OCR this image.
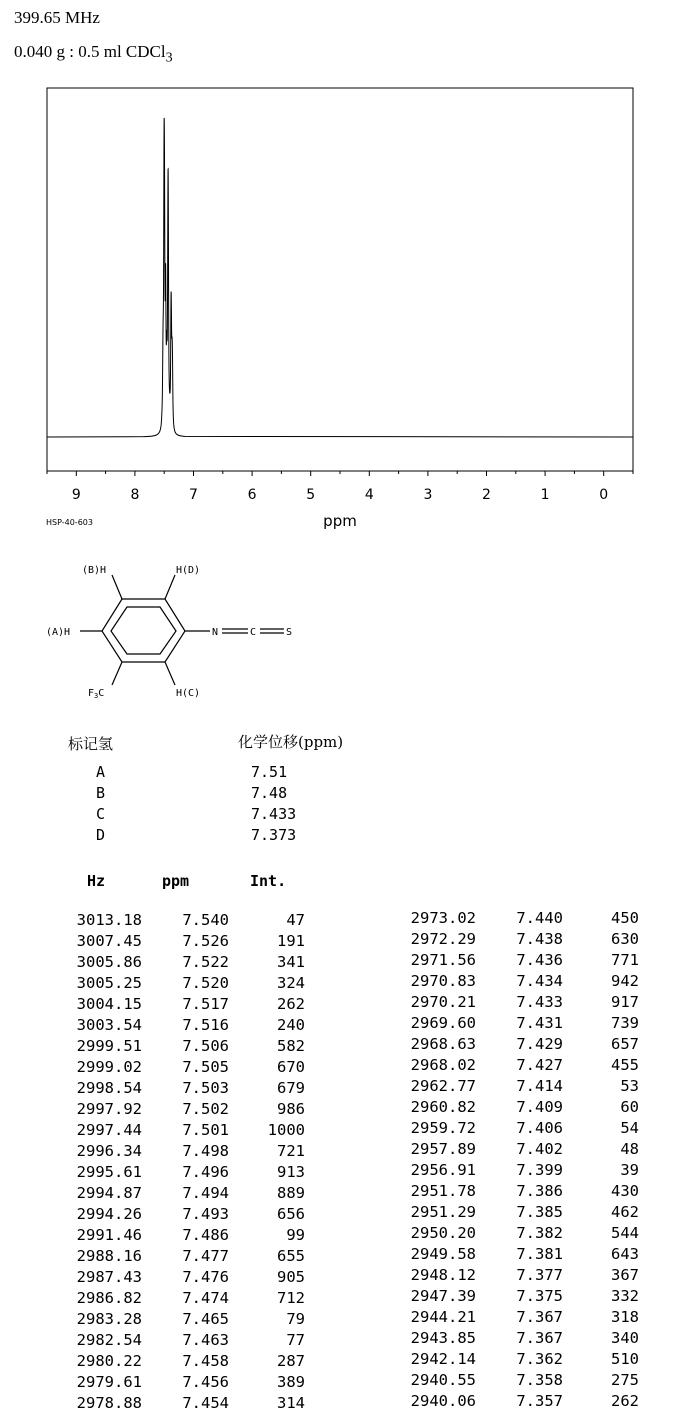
399.65 MHz
0.040 g : 0.5 ml CDCl$_3$
9	8	7	6	5	4	3	2	1	0
ppm
HSP-40-603
(B)H	H(D)
(A)H	N	C	S
$F_3C$	H(C)
标记氢	化学位移(ppm)
A	7.51
B	7.48
C	7.433
D	7.373
Hz	ppm	Int.
3013.18	7.540	47
3007.45	7.526	191
3005.86	7.522	341
3005.25	7.520	324
3004.15	7.517	262
3003.54	7.516	240
2999.51	7.506	582
2999.02	7.505	670
2998.54	7.503	679
2997.92	7.502	986
2997.44	7.501 1000
2996.34	7.498	721
2995.61	7.496	913
2994.87	7.494	889
2994.26	7.493	656
2991.46	7.486	99
2988.16	7.477	655
2987.43	7.476	905
2986.82	7.474	712
2983.28	7.465	79
2982.54	7.463	77
2980.22	7.458	287
2979.61	7.456	389
2978.88	7.454	314
2973.02	7.440	450
2972.29	7.438	630
2971.56	7.436	771
2970.83	7.434	942
2970.21	7.433	917
2969.60	7.431	739
2968.63	7.429	657
2968.02	7.427	455
2962.77	7.414	53
2960.82	7.409	60
2959.72	7.406	54
2957.89	7.402	48
2956.91	7.399	39
2951.78	7.386	430
2951.29	7.385	462
2950.20	7.382	544
2949.58	7.381	643
2948.12	7.377	367
2947.39	7.375	332
2944.21	7.367	318
2943.85	7.367	340
2942.14	7.362	510
2940.55	7.358	275
2940.06	7.357	262
